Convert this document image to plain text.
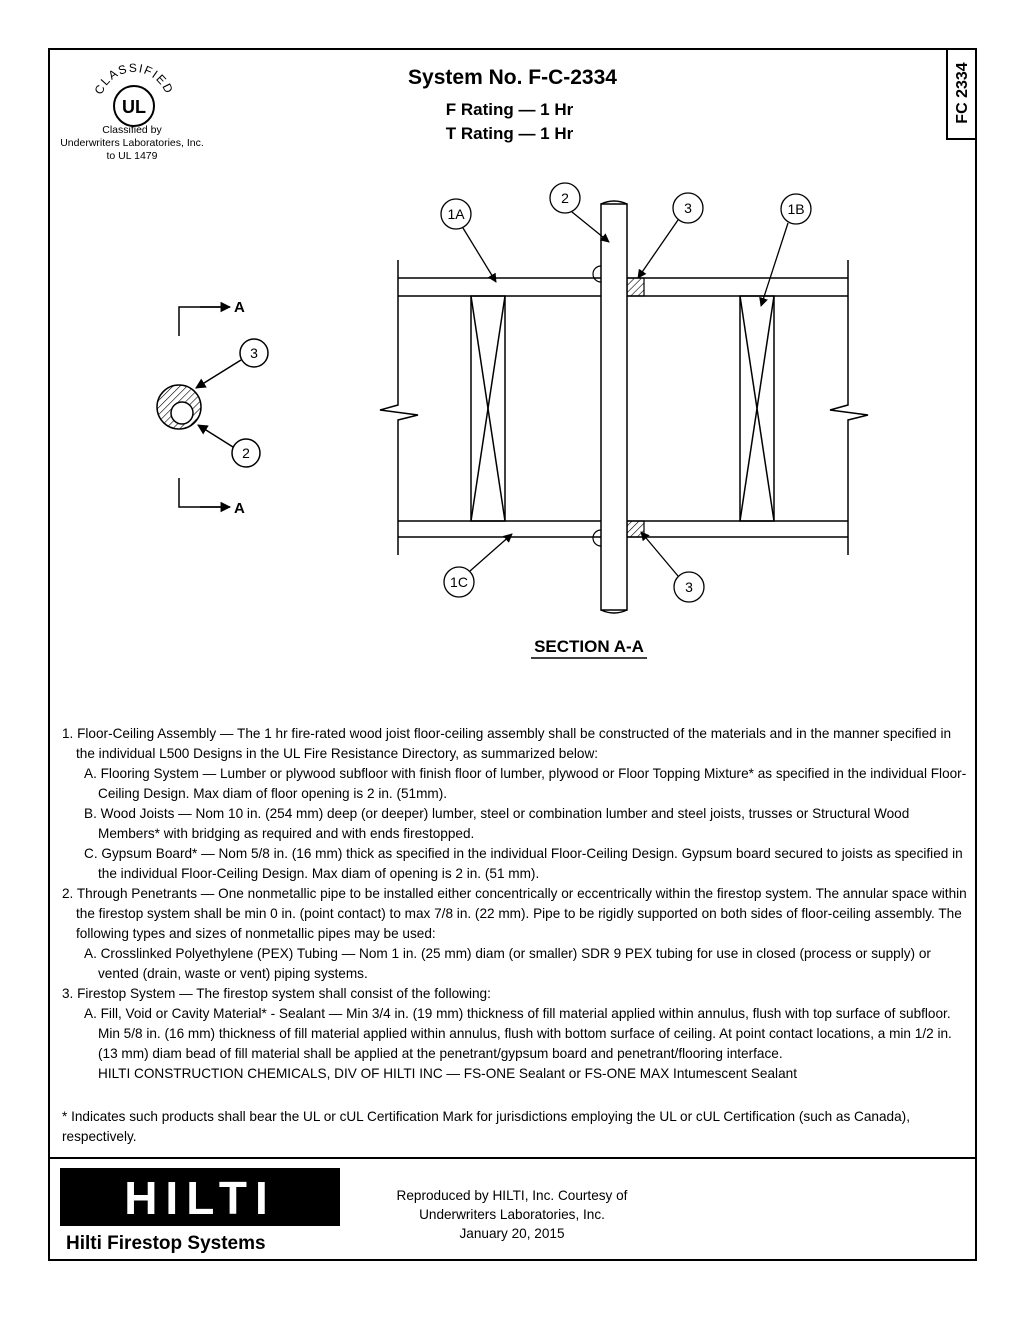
FC 2334
CLASSIFIED
UL
Classified by
Underwriters Laboratories, Inc.
to UL 1479
System No. F-C-2334
F Rating — 1 Hr
T Rating — 1 Hr
1A
2
3	1B
1C	3
A
A
3
2
SECTION A-A

1. Floor-Ceiling Assembly — The 1 hr fire-rated wood joist floor-ceiling assembly shall be constructed of the materials and in the manner specified in the individual L500 Designs in the UL Fire Resistance Directory, as summarized below:

A. Flooring System — Lumber or plywood subfloor with finish floor of lumber, plywood or Floor Topping Mixture* as specified in the individual Floor-Ceiling Design. Max diam of floor opening is 2 in. (51mm).

B. Wood Joists — Nom 10 in. (254 mm) deep (or deeper) lumber, steel or combination lumber and steel joists, trusses or Structural Wood Members* with bridging as required and with ends firestopped.

C. Gypsum Board* — Nom 5/8 in. (16 mm) thick as specified in the individual Floor-Ceiling Design. Gypsum board secured to joists as specified in the individual Floor-Ceiling Design. Max diam of opening is 2 in. (51 mm).

2. Through Penetrants — One nonmetallic pipe to be installed either concentrically or eccentrically within the firestop system. The annular space within the firestop system shall be min 0 in. (point contact) to max 7/8 in. (22 mm). Pipe to be rigidly supported on both sides of floor-ceiling assembly. The following types and sizes of nonmetallic pipes may be used:

A. Crosslinked Polyethylene (PEX) Tubing — Nom 1 in. (25 mm) diam (or smaller) SDR 9 PEX tubing for use in closed (process or supply) or vented (drain, waste or vent) piping systems.

3. Firestop System — The firestop system shall consist of the following:

A. Fill, Void or Cavity Material* - Sealant — Min 3/4 in. (19 mm) thickness of fill material applied within annulus, flush with top surface of subfloor. Min 5/8 in. (16 mm) thickness of fill material applied within annulus, flush with bottom surface of ceiling. At point contact locations, a min 1/2 in. (13 mm) diam bead of fill material shall be applied at the penetrant/gypsum board and penetrant/flooring interface.

HILTI CONSTRUCTION CHEMICALS, DIV OF HILTI INC — FS-ONE Sealant or FS-ONE MAX Intumescent Sealant

* Indicates such products shall bear the UL or cUL Certification Mark for jurisdictions employing the UL or cUL Certification (such as Canada), respectively.
HILTI
Hilti Firestop Systems
Reproduced by HILTI, Inc. Courtesy of
Underwriters Laboratories, Inc.
January 20, 2015
